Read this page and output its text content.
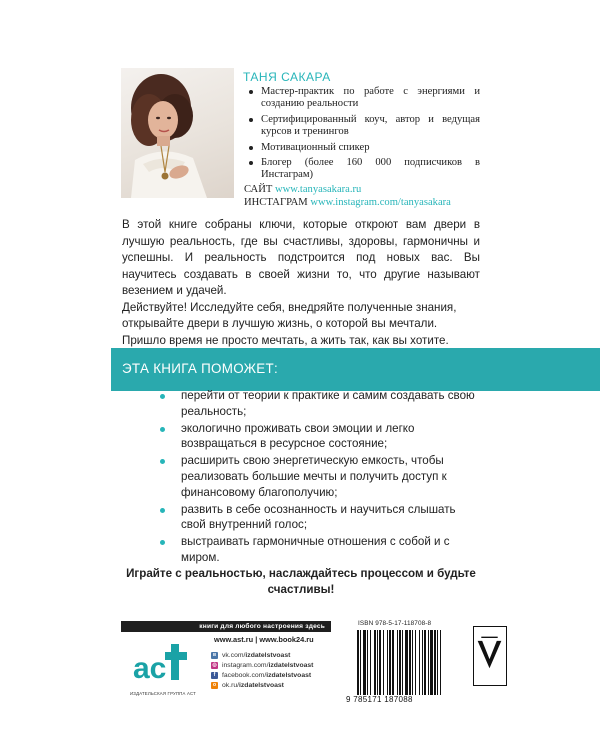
ТАНЯ САКАРА
Мастер-практик по работе с энергиями и созданию реальности
Сертифицированный коуч, автор и ведущая курсов и тренингов
Мотивационный спикер
Блогер (более 160 000 подписчиков в Инстаграм)
САЙТ www.tanyasakara.ru
ИНСТАГРАМ www.instagram.com/tanyasakara

В этой книге собраны ключи, которые откроют вам двери в лучшую реальность, где вы счастливы, здоровы, гармоничны и успешны. И реальность подстроится под новых вас. Вы научитесь создавать в своей жизни то, что другие называют везением и удачей.

Действуйте! Исследуйте себя, внедряйте полученные знания, открывайте двери в лучшую жизнь, о которой вы мечтали.

Пришло время не просто мечтать, а жить так, как вы хотите.

ЭТА КНИГА ПОМОЖЕТ:
перейти от теории к практике и самим создавать свою реальность;
экологично проживать свои эмоции и легко возвращаться в ресурсное состояние;
расширить свою энергетическую емкость, чтобы реализовать большие мечты и получить доступ к финансовому благополучию;
развить в себе осознанность и научиться слышать свой внутренний голос;
выстраивать гармоничные отношения с собой и с миром.
Играйте с реальностью, наслаждайтесь процессом и будьте счастливы!
книги для любого настроения здесь
ac
ИЗДАТЕЛЬСКАЯ ГРУППА АСТ
www.ast.ru | www.book24.ru
в vk.com/ izdatelstvoast
◎ instagram.com/ izdatelstvoast
f facebook.com/ izdatelstvoast
о ok.ru/ izdatelstvoast
ISBN 978-5-17-118708-8
9 785171 187088
